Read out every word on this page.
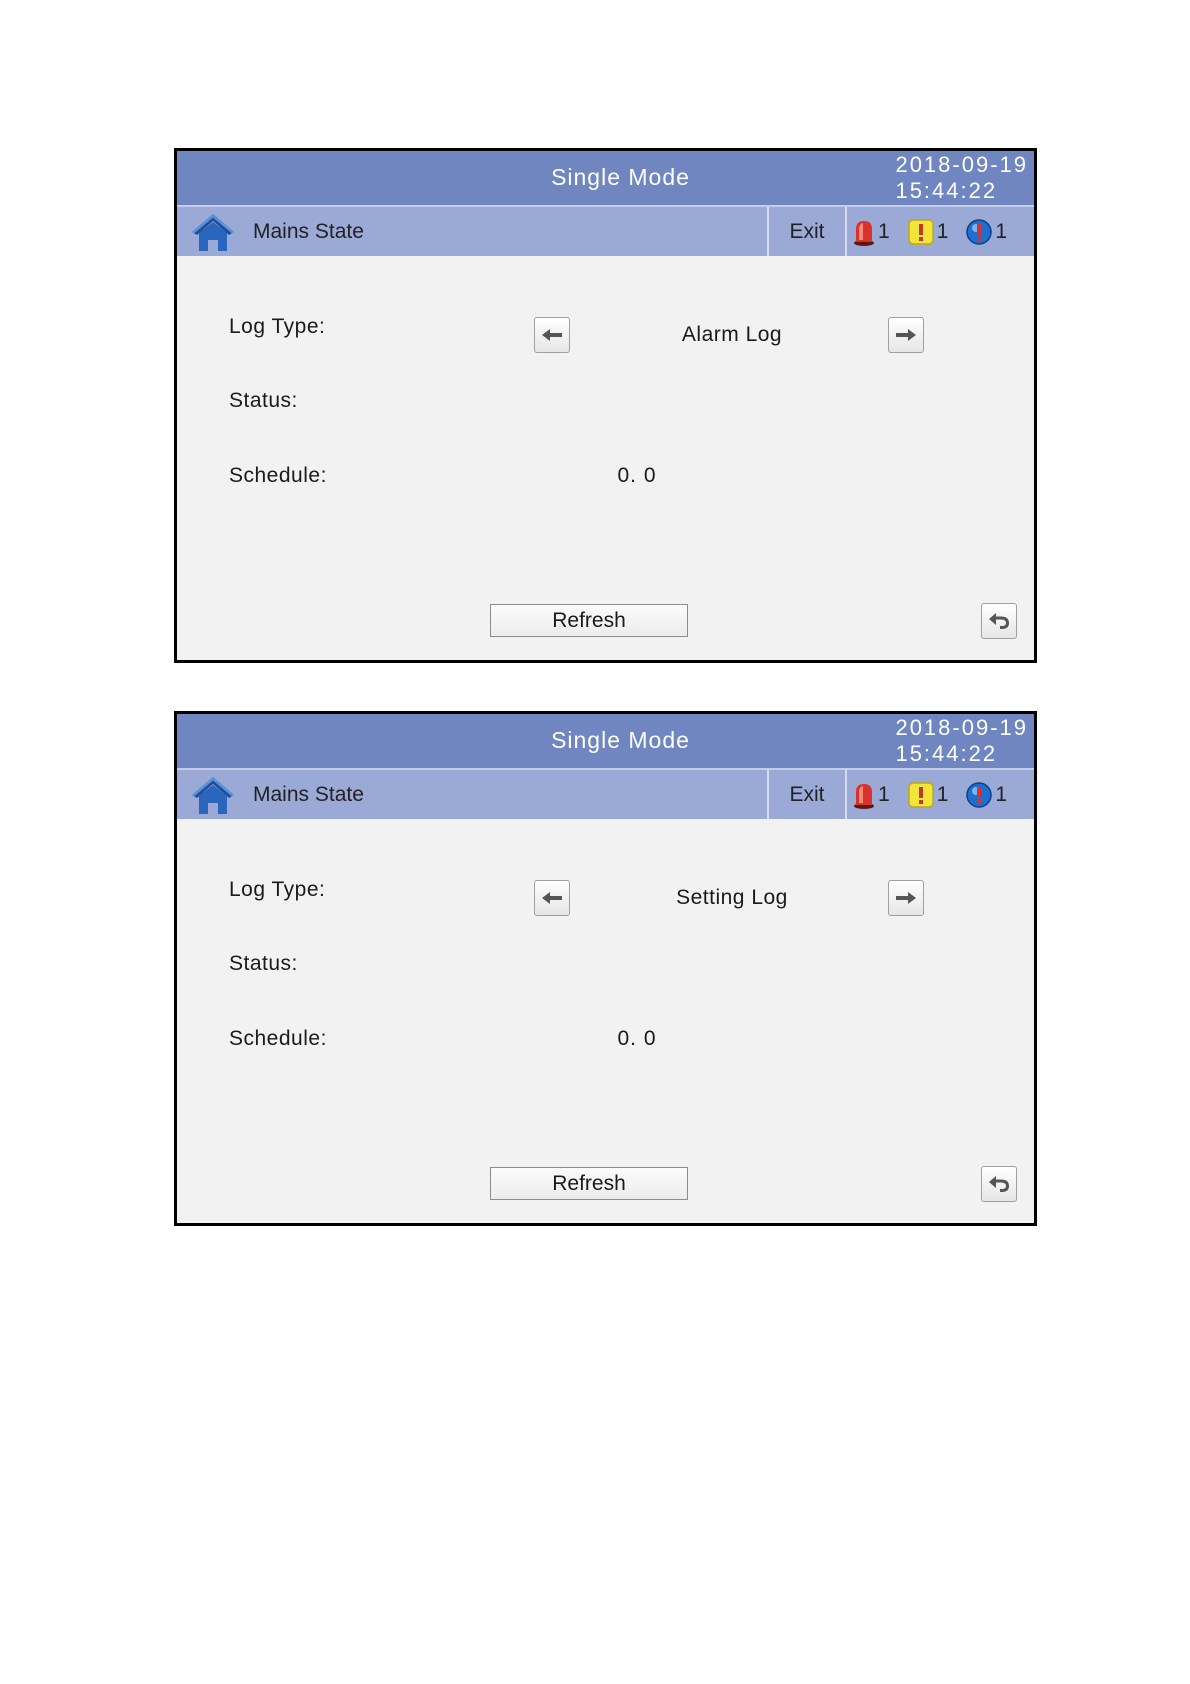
Single Mode	2018-09-19
15:44:22
Mains State	Exit	1 1 1
Log Type:	Alarm Log
Status:
Schedule:	0. 0
Refresh
Single Mode	2018-09-19
15:44:22
Mains State	Exit	1 1 1
Log Type:	Setting Log
Status:
Schedule:	0. 0
Refresh
